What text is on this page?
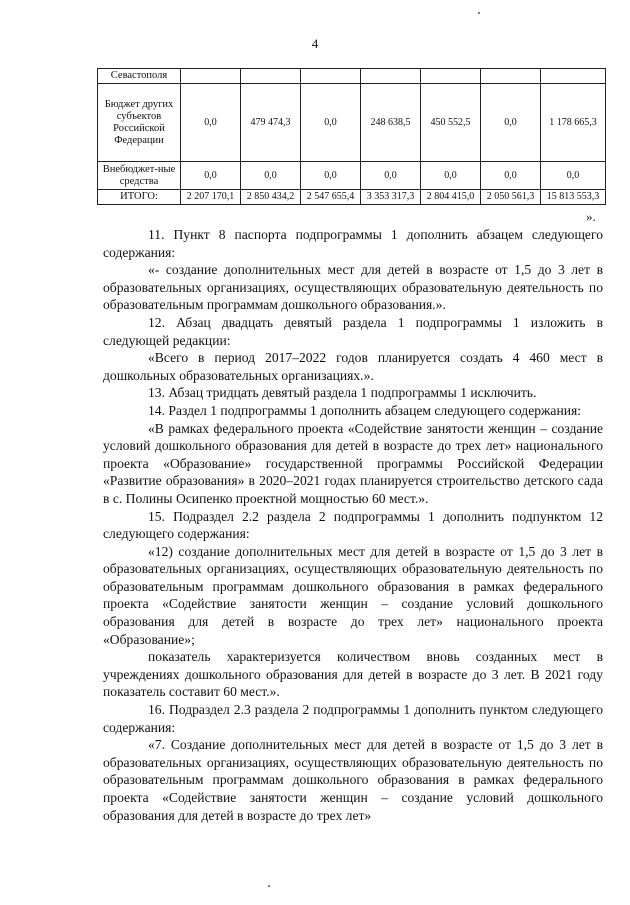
4
Севастополя							
Бюджет других субъектов Российской Федерации	0,0	479 474,3	0,0	248 638,5	450 552,5	0,0	1 178 665,3
Внебюджет-ные средства	0,0	0,0	0,0	0,0	0,0	0,0	0,0
ИТОГО:	2 207 170,1	2 850 434,2	2 547 655,4	3 353 317,3	2 804 415,0	2 050 561,3	15 813 553,3
».

11. Пункт 8 паспорта подпрограммы 1 дополнить абзацем следующего содержания:

«- создание дополнительных мест для детей в возрасте от 1,5 до 3 лет в образовательных организациях, осуществляющих образовательную деятельность по образовательным программам дошкольного образования.».

12. Абзац двадцать девятый раздела 1 подпрограммы 1 изложить в следующей редакции:

«Всего в период 2017–2022 годов планируется создать 4 460 мест в дошкольных образовательных организациях.».

13. Абзац тридцать девятый раздела 1 подпрограммы 1 исключить.

14. Раздел 1 подпрограммы 1 дополнить абзацем следующего содержания:

«В рамках федерального проекта «Содействие занятости женщин – создание условий дошкольного образования для детей в возрасте до трех лет» национального проекта «Образование» государственной программы Российской Федерации «Развитие образования» в 2020–2021 годах планируется строительство детского сада в с. Полины Осипенко проектной мощностью 60 мест.».

15. Подраздел 2.2 раздела 2 подпрограммы 1 дополнить подпунктом 12 следующего содержания:

«12) создание дополнительных мест для детей в возрасте от 1,5 до 3 лет в образовательных организациях, осуществляющих образовательную деятельность по образовательным программам дошкольного образования в рамках федерального проекта «Содействие занятости женщин – создание условий дошкольного образования для детей в возрасте до трех лет» национального проекта «Образование»;

показатель характеризуется количеством вновь созданных мест в учреждениях дошкольного образования для детей в возрасте до 3 лет. В 2021 году показатель составит 60 мест.».

16. Подраздел 2.3 раздела 2 подпрограммы 1 дополнить пунктом следующего содержания:

«7. Создание дополнительных мест для детей в возрасте от 1,5 до 3 лет в образовательных организациях, осуществляющих образовательную деятельность по образовательным программам дошкольного образования в рамках федерального проекта «Содействие занятости женщин – создание условий дошкольного образования для детей в возрасте до трех лет»
